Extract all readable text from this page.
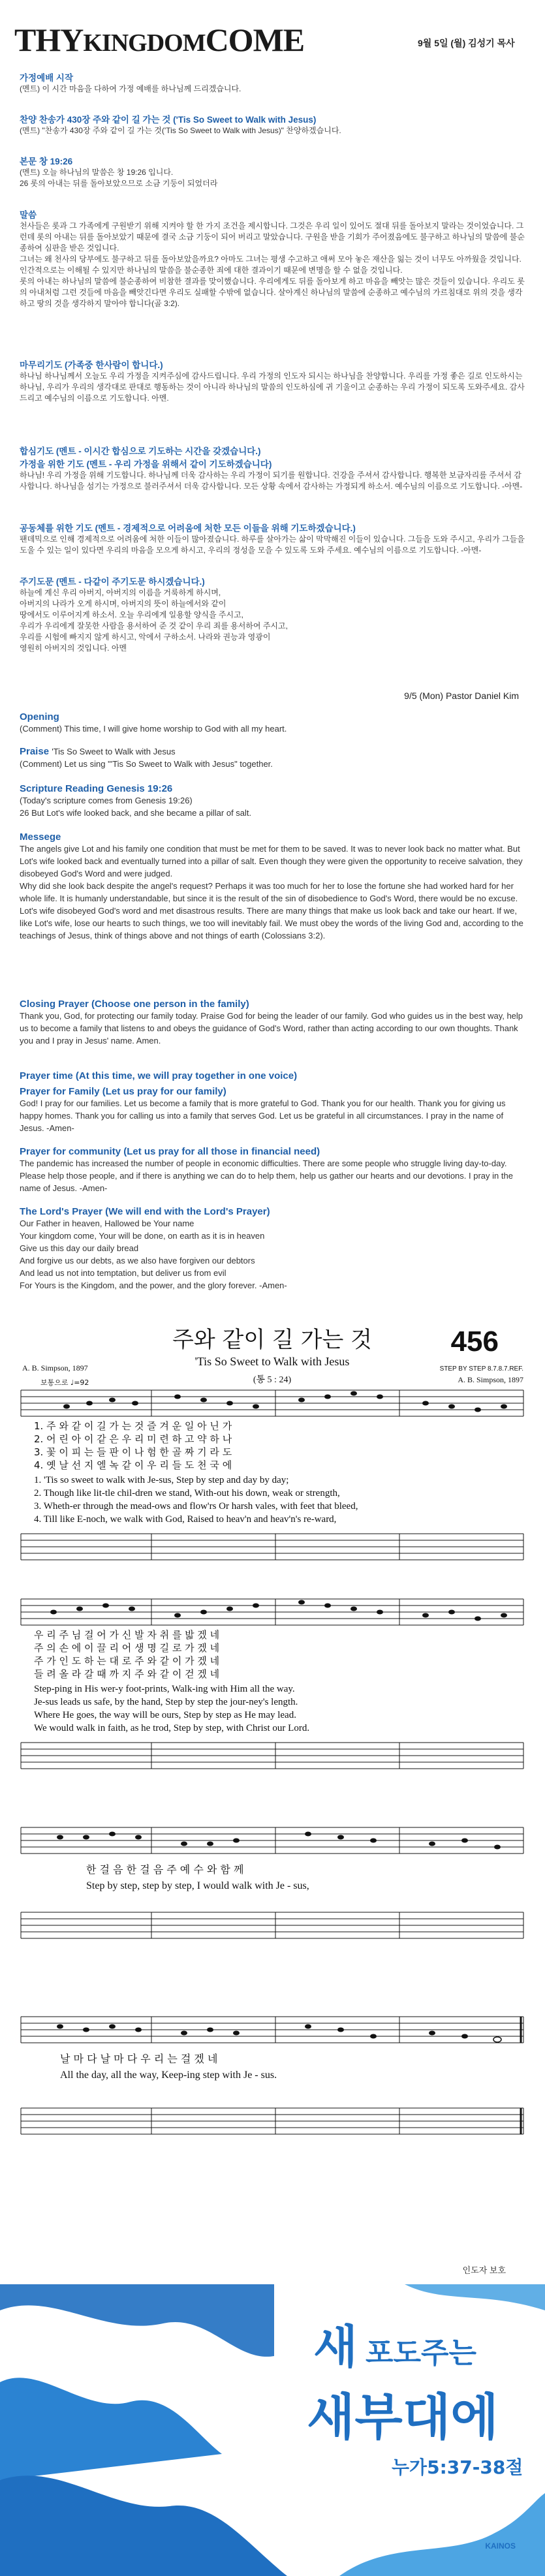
THYKINGDOMCOME	9월 5일 (월) 김성기 목사
가정예배 시작
(멘트) 이 시간 마음을 다하여 가정 예배를 하나님께 드리겠습니다.
찬양 찬송가 430장 주와 같이 길 가는 것 ('Tis So Sweet to Walk with Jesus)
(멘트) "찬송가 430장 주와 같이 길 가는 것('Tis So Sweet to Walk with Jesus)" 찬양하겠습니다.
본문 창 19:26
(멘트) 오늘 하나님의 말씀은 창 19:26 입니다.
26 롯의 아내는 뒤를 돌아보았으므로 소금 기둥이 되었더라
말씀
천사들은 롯과 그 가족에게 구원받기 위해 지켜야 할 한 가지 조건을 제시합니다. 그것은 우리 일이 있어도 절대 뒤를 돌아보지 말라는 것이었습니다. 그런데 롯의 아내는 뒤를 돌아보았기 때문에 결국 소금 기둥이 되어 버리고 말았습니다. 구원을 받을 기회가 주어졌음에도 불구하고 하나님의 말씀에 불순종하여 심판을 받은 것입니다.
그녀는 왜 천사의 당부에도 불구하고 뒤를 돌아보았을까요? 아마도 그녀는 평생 수고하고 애써 모아 놓은 재산을 잃는 것이 너무도 아까웠을 것입니다. 인간적으로는 이해될 수 있지만 하나님의 말씀을 불순종한 죄에 대한 결과이기 때문에 변명을 할 수 없을 것입니다.
롯의 아내는 하나님의 말씀에 불순종하여 비참한 결과를 맞이했습니다. 우리에게도 뒤를 돌아보게 하고 마음을 빼앗는 많은 것들이 있습니다. 우리도 롯의 아내처럼 그런 것들에 마음을 빼앗긴다면 우리도 실패할 수밖에 없습니다. 살아계신 하나님의 말씀에 순종하고 예수님의 가르침대로 위의 것을 생각하고 땅의 것을 생각하지 말아야 합니다(골 3:2).
마무리기도 (가족중 한사람이 합니다.)
하나님 하나님께서 오늘도 우리 가정을 지켜주심에 감사드립니다. 우리 가정의 인도자 되시는 하나님을 찬양합니다. 우리를 가정 좋은 길로 인도하시는 하나님, 우리가 우리의 생각대로 판대로 행동하는 것이 아니라 하나님의 말씀의 인도하심에 귀 기울이고 순종하는 우리 가정이 되도록 도와주세요. 감사드리고 예수님의 이름으로 기도합니다. 아멘.
합심기도 (멘트 - 이시간 합심으로 기도하는 시간을 갖겠습니다.)
가정을 위한 기도 (멘트 - 우리 가정을 위해서 같이 기도하겠습니다)
하나님! 우리 가정을 위해 기도합니다. 하나님께 더욱 감사하는 우리 가정이 되기를 원합니다. 건강을 주셔서 감사합니다. 행복한 보금자리를 주셔서 감사합니다. 하나님을 섬기는 가정으로 불러주셔서 더욱 감사합니다. 모든 상황 속에서 감사하는 가정되게 하소서. 예수님의 이름으로 기도합니다. -아멘-
공동체를 위한 기도 (멘트 - 경제적으로 어려움에 처한 모든 이들을 위해 기도하겠습니다.)
팬데믹으로 인해 경제적으로 어려움에 처한 이들이 많아졌습니다. 하루를 살아가는 삶이 막막해진 이들이 있습니다. 그들을 도와 주시고, 우리가 그들을 도울 수 있는 일이 있다면 우리의 마음을 모으게 하시고, 우리의 정성을 모을 수 있도록 도와 주세요. 예수님의 이름으로 기도합니다. -아멘-
주기도문 (멘트 - 다같이 주기도문 하시겠습니다.)
하늘에 계신 우리 아버지, 아버지의 이름을 거룩하게 하시며,
아버지의 나라가 오게 하시며, 아버지의 뜻이 하늘에서와 같이
땅에서도 이루어지게 하소서. 오늘 우리에게 일용할 양식을 주시고,
우리가 우리에게 잘못한 사람을 용서하여 준 것 같이 우리 죄를 용서하여 주시고,
우리를 시험에 빠지지 않게 하시고, 악에서 구하소서. 나라와 권능과 영광이
영원히 아버지의 것입니다. 아멘
9/5 (Mon) Pastor Daniel Kim
Opening
(Comment) This time, I will give home worship to God with all my heart.
Praise 'Tis So Sweet to Walk with Jesus
(Comment) Let us sing "'Tis So Sweet to Walk with Jesus" together.
Scripture Reading Genesis 19:26
(Today's scripture comes from Genesis 19:26)
26 But Lot's wife looked back, and she became a pillar of salt.
Messege
The angels give Lot and his family one condition that must be met for them to be saved. It was to never look back no matter what. But Lot's wife looked back and eventually turned into a pillar of salt. Even though they were given the opportunity to receive salvation, they disobeyed God's Word and were judged.
Why did she look back despite the angel's request? Perhaps it was too much for her to lose the fortune she had worked hard for her whole life. It is humanly understandable, but since it is the result of the sin of disobedience to God's Word, there would be no excuse.
Lot's wife disobeyed God's word and met disastrous results. There are many things that make us look back and take our heart. If we, like Lot's wife, lose our hearts to such things, we too will inevitably fail. We must obey the words of the living God and, according to the teachings of Jesus, think of things above and not things of earth (Colossians 3:2).
Closing Prayer (Choose one person in the family)
Thank you, God, for protecting our family today. Praise God for being the leader of our family. God who guides us in the best way, help us to become a family that listens to and obeys the guidance of God's Word, rather than acting according to our own thoughts. Thank you and I pray in Jesus' name. Amen.
Prayer time (At this time, we will pray together in one voice)
Prayer for Family (Let us pray for our family)
God! I pray for our families. Let us become a family that is more grateful to God. Thank you for our health. Thank you for giving us happy homes. Thank you for calling us into a family that serves God. Let us be grateful in all circumstances. I pray in the name of Jesus. -Amen-
Prayer for community (Let us pray for all those in financial need)
The pandemic has increased the number of people in economic difficulties. There are some people who struggle living day-to-day. Please help those people, and if there is anything we can do to help them, help us gather our hearts and our devotions. I pray in the name of Jesus. -Amen-
The Lord's Prayer (We will end with the Lord's Prayer)
Our Father in heaven, Hallowed be Your name
Your kingdom come, Your will be done, on earth as it is in heaven
Give us this day our daily bread
And forgive us our debts, as we also have forgiven our debtors
And lead us not into temptation, but deliver us from evil
For Yours is the Kingdom, and the power, and the glory forever. -Amen-
주와 같이 길 가는 것
'Tis So Sweet to Walk with Jesus
456
STEP BY STEP 8.7.8.7.REF.
A. B. Simpson, 1897
A. B. Simpson, 1897
(통 5 : 24)
보통으로 ♩=92
1. 주 와 같 이 길 가 는 것 즐 겨 운 일 아 닌 가
2. 어 린 아 이 같 은 우 리 미 련 하 고 약 하 나
3. 꽃 이 피 는 들 판 이 나 험 한 골 짜 기 라 도
4. 옛 날 선 지 엘 녹 같 이 우 리 들 도 천 국 에
1. 'Tis so sweet to walk with Je-sus, Step by step and day by day;
2. Though like lit-tle chil-dren we stand, With-out his down, weak or strength,
3. Wheth-er through the mead-ows and flow'rs Or harsh vales, with feet that bleed,
4. Till like E-noch, we walk with God, Raised to heav'n and heav'n's re-ward,
우 리 주 님 걸 어 가 신 발 자 취 를 밟 겠 네
주 의 손 에 이 끌 리 어 생 명 길 로 가 겠 네
주 가 인 도 하 는 대 로 주 와 같 이 가 겠 네
들 려 올 라 갈 때 까 지 주 와 같 이 걷 겠 네
Step-ping in His wer-y foot-prints, Walk-ing with Him all the way.
Je-sus leads us safe, by the hand, Step by step the jour-ney's length.
Where He goes, the way will be ours, Step by step as He may lead.
We would walk in faith, as he trod, Step by step, with Christ our Lord.
한 걸 음 한 걸 음 주 예 수 와 함 께
Step by step, step by step, I would walk with Je - sus,
날 마 다 날 마 다 우 리 는 걸 겠 네
All the day, all the way, Keep-ing step with Je - sus.
인도자 보호
새 포도주는
새부대에
누가5:37-38절
KAINOS
